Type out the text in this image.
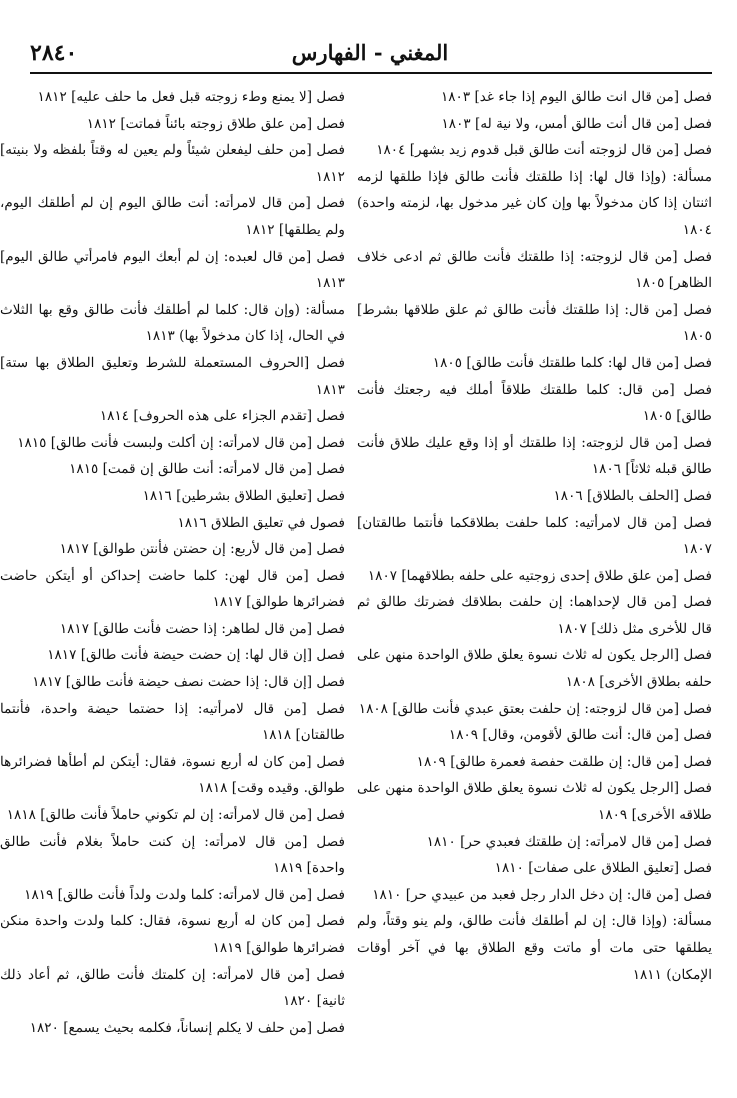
٢٨٤٠	المغني - الفهارس

فصل [من قال انت طالق اليوم إذا جاء غد] ١٨٠٣

فصل [من قال أنت طالق أمس، ولا نية له] ١٨٠٣

فصل [من قال لزوجته أنت طالق قبل قدوم زيد بشهر] ١٨٠٤

مسألة: (وإذا قال لها: إذا طلقتك فأنت طالق فإذا طلقها لزمه اثنتان إذا كان مدخولاً بها وإن كان غير مدخول بها، لزمته واحدة) ١٨٠٤

فصل [من قال لزوجته: إذا طلقتك فأنت طالق ثم ادعى خلاف الظاهر] ١٨٠٥

فصل [من قال: إذا طلقتك فأنت طالق ثم علق طلاقها بشرط] ١٨٠٥

فصل [من قال لها: كلما طلقتك فأنت طالق] ١٨٠٥

فصل [من قال: كلما طلقتك طلاقاً أملك فيه رجعتك فأنت طالق] ١٨٠٥

فصل [من قال لزوجته: إذا طلقتك أو إذا وقع عليك طلاق فأنت طالق قبله ثلاثاً] ١٨٠٦

فصل [الحلف بالطلاق] ١٨٠٦

فصل [من قال لامرأتيه: كلما حلفت بطلاقكما فأنتما طالقتان] ١٨٠٧

فصل [من علق طلاق إحدى زوجتيه على حلفه بطلاقهما] ١٨٠٧

فصل [من قال لإحداهما: إن حلفت بطلاقك فضرتك طالق ثم قال للأخرى مثل ذلك] ١٨٠٧

فصل [الرجل يكون له ثلاث نسوة يعلق طلاق الواحدة منهن على حلفه بطلاق الأخرى] ١٨٠٨

فصل [من قال لزوجته: إن حلفت بعتق عبدي فأنت طالق] ١٨٠٨

فصل [من قال: أنت طالق لأقومن، وقال] ١٨٠٩

فصل [من قال: إن طلقت حفصة فعمرة طالق] ١٨٠٩

فصل [الرجل يكون له ثلاث نسوة يعلق طلاق الواحدة منهن على طلاقه الأخرى] ١٨٠٩

فصل [من قال لامرأته: إن طلقتك فعبدي حر] ١٨١٠

فصل [تعليق الطلاق على صفات] ١٨١٠

فصل [من قال: إن دخل الدار رجل فعبد من عبيدي حر] ١٨١٠

مسألة: (وإذا قال: إن لم أطلقك فأنت طالق، ولم ينو وقتاً، ولم يطلقها حتى مات أو ماتت وقع الطلاق بها في آخر أوقات الإمكان) ١٨١١

فصل [لا يمنع وطء زوجته قبل فعل ما حلف عليه] ١٨١٢

فصل [من علق طلاق زوجته بائناً فماتت] ١٨١٢

فصل [من حلف ليفعلن شيئاً ولم يعين له وقتاً بلفظه ولا بنيته] ١٨١٢

فصل [من قال لامرأته: أنت طالق اليوم إن لم أطلقك اليوم، ولم يطلقها] ١٨١٢

فصل [من قال لعبده: إن لم أبعك اليوم فامرأتي طالق اليوم] ١٨١٣

مسألة: (وإن قال: كلما لم أطلقك فأنت طالق وقع بها الثلاث في الحال، إذا كان مدخولاً بها) ١٨١٣

فصل [الحروف المستعملة للشرط وتعليق الطلاق بها ستة] ١٨١٣

فصل [تقدم الجزاء على هذه الحروف] ١٨١٤

فصل [من قال لامرأته: إن أكلت ولبست فأنت طالق] ١٨١٥

فصل [من قال لامرأته: أنت طالق إن قمت] ١٨١٥

فصل [تعليق الطلاق بشرطين] ١٨١٦

فصول في تعليق الطلاق ١٨١٦

فصل [من قال لأربع: إن حضتن فأنتن طوالق] ١٨١٧

فصل [من قال لهن: كلما حاضت إحداكن أو أيتكن حاضت فضرائرها طوالق] ١٨١٧

فصل [من قال لطاهر: إذا حضت فأنت طالق] ١٨١٧

فصل [إن قال لها: إن حضت حيضة فأنت طالق] ١٨١٧

فصل [إن قال: إذا حضت نصف حيضة فأنت طالق] ١٨١٧

فصل [من قال لامرأتيه: إذا حضتما حيضة واحدة، فأنتما طالقتان] ١٨١٨

فصل [من كان له أربع نسوة، فقال: أيتكن لم أطأها فضرائرها طوالق. وقيده وقت] ١٨١٨

فصل [من قال لامرأته: إن لم تكوني حاملاً فأنت طالق] ١٨١٨

فصل [من قال لامرأته: إن كنت حاملاً بغلام فأنت طالق واحدة] ١٨١٩

فصل [من قال لامرأته: كلما ولدت ولداً فأنت طالق] ١٨١٩

فصل [من كان له أربع نسوة، فقال: كلما ولدت واحدة منكن فضرائرها طوالق] ١٨١٩

فصل [من قال لامرأته: إن كلمتك فأنت طالق، ثم أعاد ذلك ثانية] ١٨٢٠

فصل [من حلف لا يكلم إنساناً، فكلمه بحيث يسمع] ١٨٢٠
